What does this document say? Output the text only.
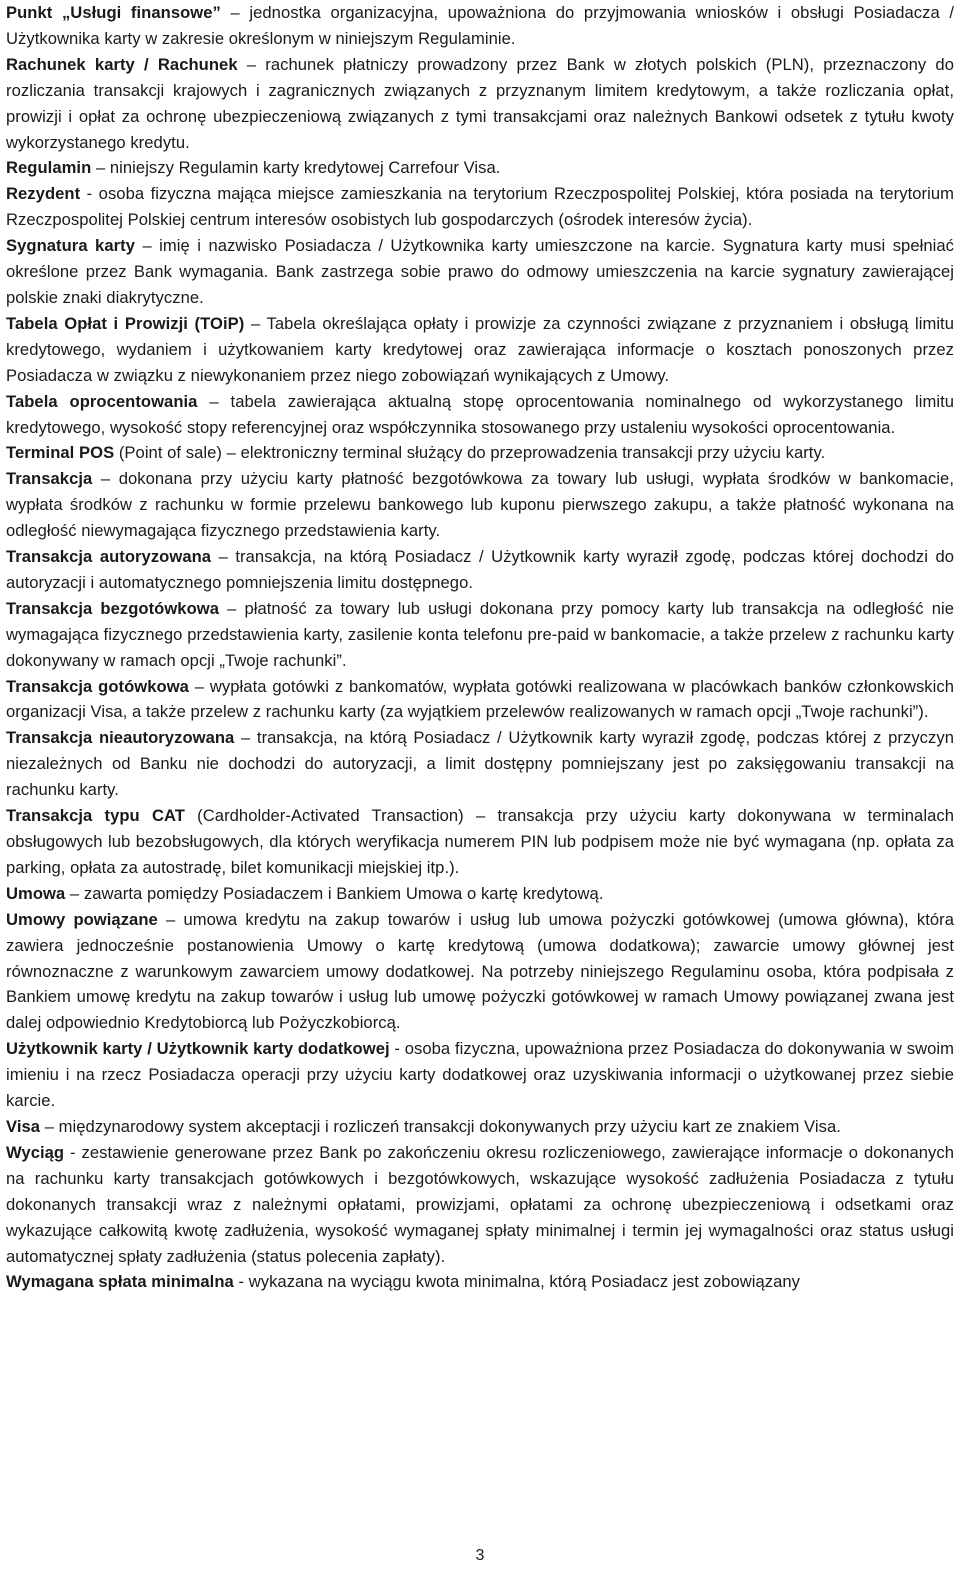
Punkt „Usługi finansowe” – jednostka organizacyjna, upoważniona do przyjmowania wniosków i obsługi Posiadacza / Użytkownika karty w zakresie określonym w niniejszym Regulaminie.

Rachunek karty / Rachunek – rachunek płatniczy prowadzony przez Bank w złotych polskich (PLN), przeznaczony do rozliczania transakcji krajowych i zagranicznych związanych z przyznanym limitem kredytowym, a także rozliczania opłat, prowizji i opłat za ochronę ubezpieczeniową związanych z tymi transakcjami oraz należnych Bankowi odsetek z tytułu kwoty wykorzystanego kredytu.

Regulamin – niniejszy Regulamin karty kredytowej Carrefour Visa.

Rezydent - osoba fizyczna mająca miejsce zamieszkania na terytorium Rzeczpospolitej Polskiej, która posiada na terytorium Rzeczpospolitej Polskiej centrum interesów osobistych lub gospodarczych (ośrodek interesów życia).

Sygnatura karty – imię i nazwisko Posiadacza / Użytkownika karty umieszczone na karcie. Sygnatura karty musi spełniać określone przez Bank wymagania. Bank zastrzega sobie prawo do odmowy umieszczenia na karcie sygnatury zawierającej polskie znaki diakrytyczne.

Tabela Opłat i Prowizji (TOiP) – Tabela określająca opłaty i prowizje za czynności związane z przyznaniem i obsługą limitu kredytowego, wydaniem i użytkowaniem karty kredytowej oraz zawierająca informacje o kosztach ponoszonych przez Posiadacza w związku z niewykonaniem przez niego zobowiązań wynikających z Umowy.

Tabela oprocentowania – tabela zawierająca aktualną stopę oprocentowania nominalnego od wykorzystanego limitu kredytowego, wysokość stopy referencyjnej oraz współczynnika stosowanego przy ustaleniu wysokości oprocentowania.

Terminal POS (Point of sale) – elektroniczny terminal służący do przeprowadzenia transakcji przy użyciu karty.

Transakcja – dokonana przy użyciu karty płatność bezgotówkowa za towary lub usługi, wypłata środków w bankomacie, wypłata środków z rachunku w formie przelewu bankowego lub kuponu pierwszego zakupu, a także płatność wykonana na odległość niewymagająca fizycznego przedstawienia karty.

Transakcja autoryzowana – transakcja, na którą Posiadacz / Użytkownik karty wyraził zgodę, podczas której dochodzi do autoryzacji i automatycznego pomniejszenia limitu dostępnego.

Transakcja bezgotówkowa – płatność za towary lub usługi dokonana przy pomocy karty lub transakcja na odległość nie wymagająca fizycznego przedstawienia karty, zasilenie konta telefonu pre-paid w bankomacie, a także przelew z rachunku karty dokonywany w ramach opcji „Twoje rachunki”.

Transakcja gotówkowa – wypłata gotówki z bankomatów, wypłata gotówki realizowana w placówkach banków członkowskich organizacji Visa, a także przelew z rachunku karty (za wyjątkiem przelewów realizowanych w ramach opcji „Twoje rachunki”).

Transakcja nieautoryzowana – transakcja, na którą Posiadacz / Użytkownik karty wyraził zgodę, podczas której z przyczyn niezależnych od Banku nie dochodzi do autoryzacji, a limit dostępny pomniejszany jest po zaksięgowaniu transakcji na rachunku karty.

Transakcja typu CAT (Cardholder-Activated Transaction) – transakcja przy użyciu karty dokonywana w terminalach obsługowych lub bezobsługowych, dla których weryfikacja numerem PIN lub podpisem może nie być wymagana (np. opłata za parking, opłata za autostradę, bilet komunikacji miejskiej itp.).

Umowa – zawarta pomiędzy Posiadaczem i Bankiem Umowa o kartę kredytową.

Umowy powiązane – umowa kredytu na zakup towarów i usług lub umowa pożyczki gotówkowej (umowa główna), która zawiera jednocześnie postanowienia Umowy o kartę kredytową (umowa dodatkowa); zawarcie umowy głównej jest równoznaczne z warunkowym zawarciem umowy dodatkowej. Na potrzeby niniejszego Regulaminu osoba, która podpisała z Bankiem umowę kredytu na zakup towarów i usług lub umowę pożyczki gotówkowej w ramach Umowy powiązanej zwana jest dalej odpowiednio Kredytobiorcą lub Pożyczkobiorcą.

Użytkownik karty / Użytkownik karty dodatkowej - osoba fizyczna, upoważniona przez Posiadacza do dokonywania w swoim imieniu i na rzecz Posiadacza operacji przy użyciu karty dodatkowej oraz uzyskiwania informacji o użytkowanej przez siebie karcie.

Visa – międzynarodowy system akceptacji i rozliczeń transakcji dokonywanych przy użyciu kart ze znakiem Visa.

Wyciąg - zestawienie generowane przez Bank po zakończeniu okresu rozliczeniowego, zawierające informacje o dokonanych na rachunku karty transakcjach gotówkowych i bezgotówkowych, wskazujące wysokość zadłużenia Posiadacza z tytułu dokonanych transakcji wraz z należnymi opłatami, prowizjami, opłatami za ochronę ubezpieczeniową i odsetkami oraz wykazujące całkowitą kwotę zadłużenia, wysokość wymaganej spłaty minimalnej i termin jej wymagalności oraz status usługi automatycznej spłaty zadłużenia (status polecenia zapłaty).

Wymagana spłata minimalna - wykazana na wyciągu kwota minimalna, którą Posiadacz jest zobowiązany

3
